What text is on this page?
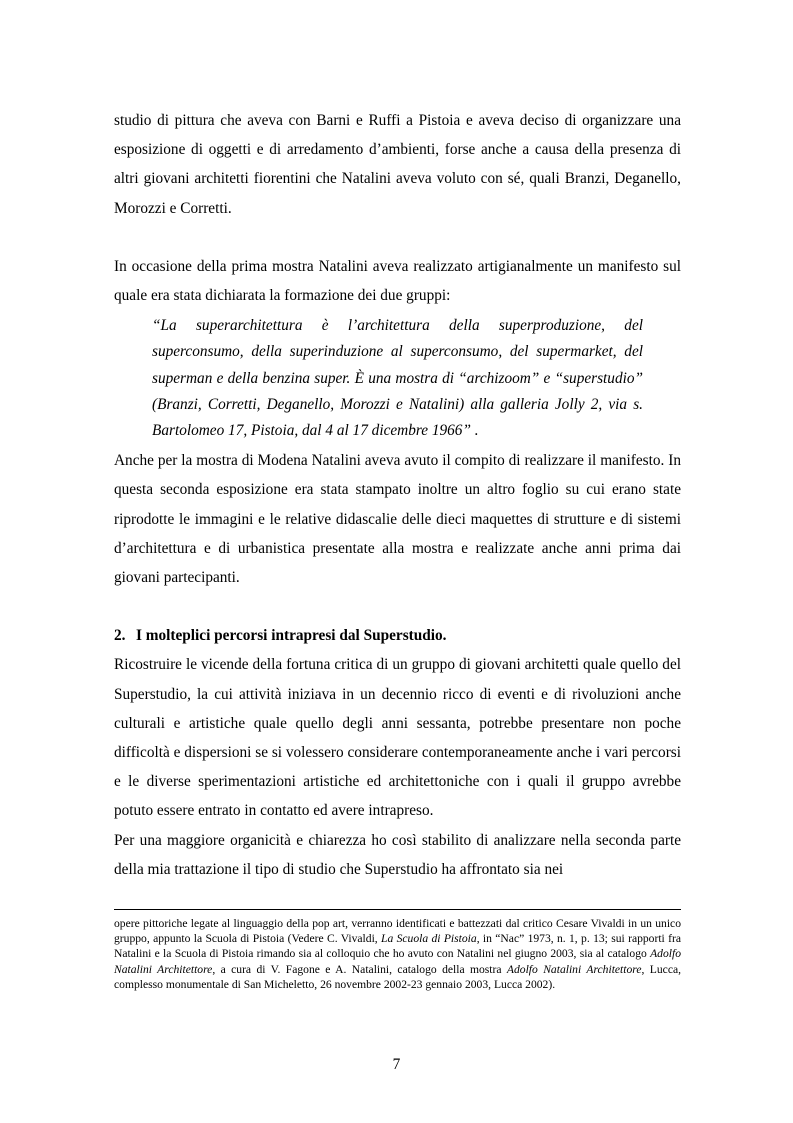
studio di pittura che aveva con Barni e Ruffi a Pistoia e aveva deciso di organizzare una esposizione di oggetti e di arredamento d’ambienti, forse anche a causa della presenza di altri giovani architetti fiorentini che Natalini aveva voluto con sé, quali Branzi, Deganello, Morozzi e Corretti.

In occasione della prima mostra Natalini aveva realizzato artigianalmente un manifesto sul quale era stata dichiarata la formazione dei due gruppi:

“La superarchitettura è l’architettura della superproduzione, del superconsumo, della superinduzione al superconsumo, del supermarket, del superman e della benzina super. È una mostra di “archizoom” e “superstudio” (Branzi, Corretti, Deganello, Morozzi e Natalini) alla galleria Jolly 2, via s. Bartolomeo 17, Pistoia, dal 4 al 17 dicembre 1966” .

Anche per la mostra di Modena Natalini aveva avuto il compito di realizzare il manifesto. In questa seconda esposizione era stata stampato inoltre un altro foglio su cui erano state riprodotte le immagini e le relative didascalie delle dieci maquettes di strutture e di sistemi d’architettura e di urbanistica presentate alla mostra e realizzate anche anni prima dai giovani partecipanti.

2. I molteplici percorsi intrapresi dal Superstudio.

Ricostruire le vicende della fortuna critica di un gruppo di giovani architetti quale quello del Superstudio, la cui attività iniziava in un decennio ricco di eventi e di rivoluzioni anche culturali e artistiche quale quello degli anni sessanta, potrebbe presentare non poche difficoltà e dispersioni se si volessero considerare contemporaneamente anche i vari percorsi e le diverse sperimentazioni artistiche ed architettoniche con i quali il gruppo avrebbe potuto essere entrato in contatto ed avere intrapreso.

Per una maggiore organicità e chiarezza ho così stabilito di analizzare nella seconda parte della mia trattazione il tipo di studio che Superstudio ha affrontato sia nei

opere pittoriche legate al linguaggio della pop art, verranno identificati e battezzati dal critico Cesare Vivaldi in un unico gruppo, appunto la Scuola di Pistoia (Vedere C. Vivaldi, La Scuola di Pistoia, in “Nac” 1973, n. 1, p. 13; sui rapporti fra Natalini e la Scuola di Pistoia rimando sia al colloquio che ho avuto con Natalini nel giugno 2003, sia al catalogo Adolfo Natalini Architettore, a cura di V. Fagone e A. Natalini, catalogo della mostra Adolfo Natalini Architettore, Lucca, complesso monumentale di San Micheletto, 26 novembre 2002-23 gennaio 2003, Lucca 2002).
7
